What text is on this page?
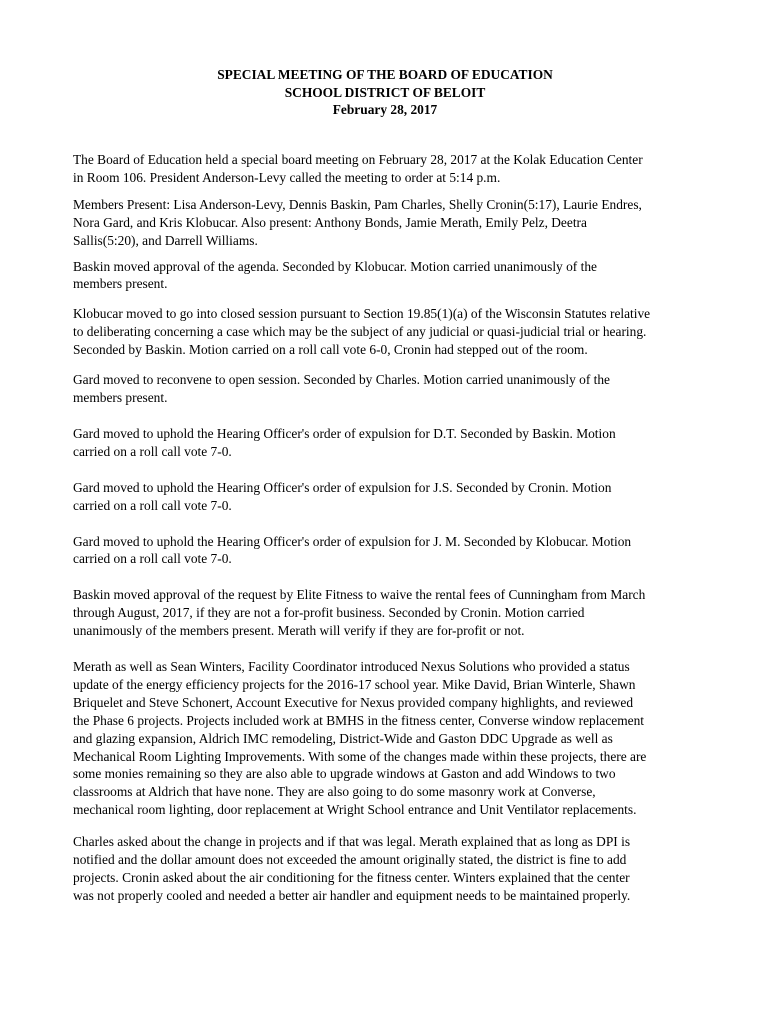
SPECIAL MEETING OF THE BOARD OF EDUCATION
SCHOOL DISTRICT OF BELOIT
February 28, 2017

The Board of Education held a special board meeting on February 28, 2017 at the Kolak Education Center
in Room 106. President Anderson-Levy called the meeting to order at 5:14 p.m.

Members Present: Lisa Anderson-Levy, Dennis Baskin, Pam Charles, Shelly Cronin(5:17), Laurie Endres,
Nora Gard, and Kris Klobucar. Also present: Anthony Bonds, Jamie Merath, Emily Pelz, Deetra
Sallis(5:20), and Darrell Williams.

Baskin moved approval of the agenda. Seconded by Klobucar. Motion carried unanimously of the
members present.

Klobucar moved to go into closed session pursuant to Section 19.85(1)(a) of the Wisconsin Statutes relative
to deliberating concerning a case which may be the subject of any judicial or quasi-judicial trial or hearing.
Seconded by Baskin. Motion carried on a roll call vote 6-0, Cronin had stepped out of the room.

Gard moved to reconvene to open session. Seconded by Charles. Motion carried unanimously of the
members present.

Gard moved to uphold the Hearing Officer's order of expulsion for D.T. Seconded by Baskin. Motion
carried on a roll call vote 7-0.

Gard moved to uphold the Hearing Officer's order of expulsion for J.S. Seconded by Cronin. Motion
carried on a roll call vote 7-0.

Gard moved to uphold the Hearing Officer's order of expulsion for J. M. Seconded by Klobucar. Motion
carried on a roll call vote 7-0.

Baskin moved approval of the request by Elite Fitness to waive the rental fees of Cunningham from March
through August, 2017, if they are not a for-profit business. Seconded by Cronin. Motion carried
unanimously of the members present. Merath will verify if they are for-profit or not.

Merath as well as Sean Winters, Facility Coordinator introduced Nexus Solutions who provided a status
update of the energy efficiency projects for the 2016-17 school year. Mike David, Brian Winterle, Shawn
Briquelet and Steve Schonert, Account Executive for Nexus provided company highlights, and reviewed
the Phase 6 projects. Projects included work at BMHS in the fitness center, Converse window replacement
and glazing expansion, Aldrich IMC remodeling, District-Wide and Gaston DDC Upgrade as well as
Mechanical Room Lighting Improvements. With some of the changes made within these projects, there are
some monies remaining so they are also able to upgrade windows at Gaston and add Windows to two
classrooms at Aldrich that have none. They are also going to do some masonry work at Converse,
mechanical room lighting, door replacement at Wright School entrance and Unit Ventilator replacements.

Charles asked about the change in projects and if that was legal. Merath explained that as long as DPI is
notified and the dollar amount does not exceeded the amount originally stated, the district is fine to add
projects. Cronin asked about the air conditioning for the fitness center. Winters explained that the center
was not properly cooled and needed a better air handler and equipment needs to be maintained properly.
